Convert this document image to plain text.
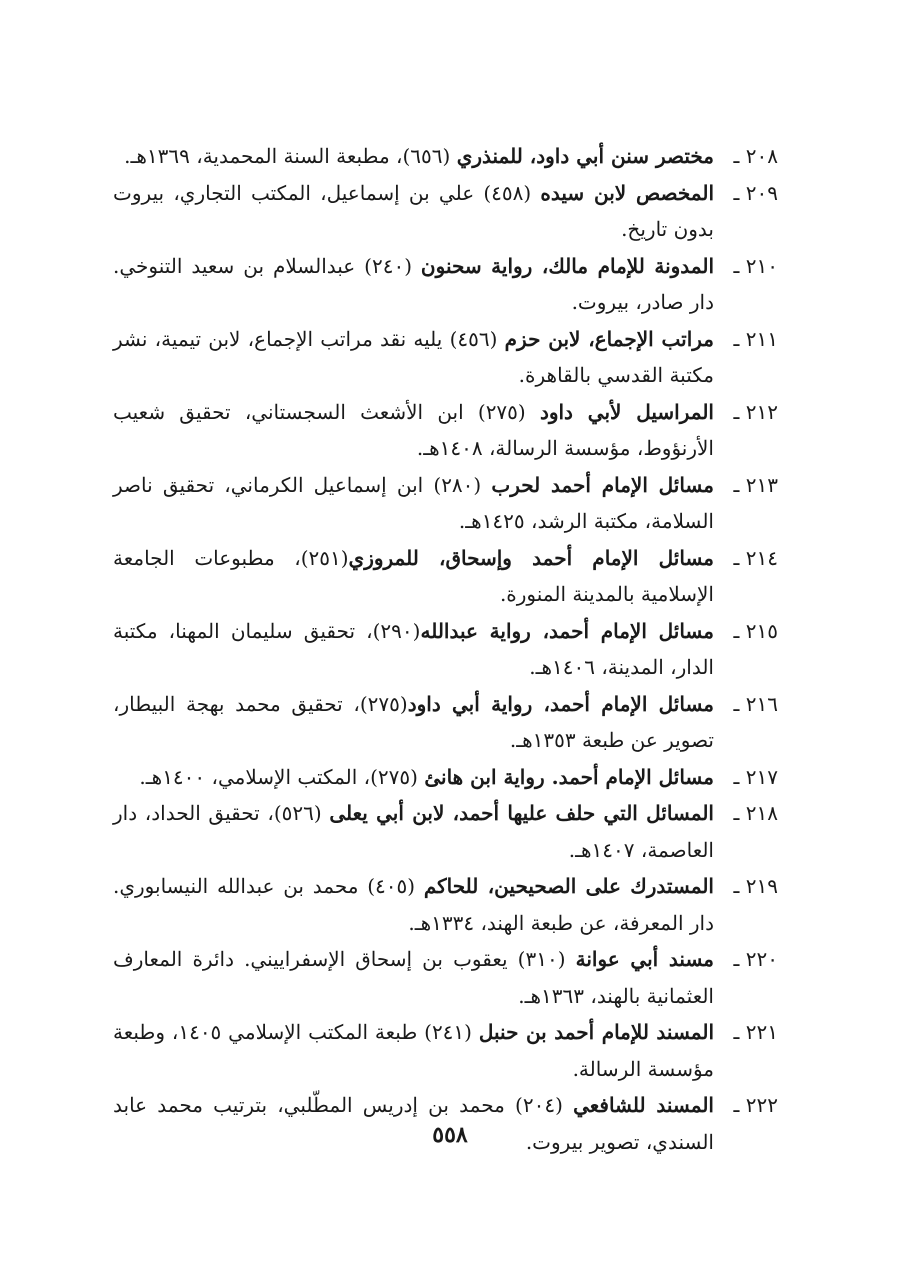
٢٠٨ ـ
مختصر سنن أبي داود، للمنذري (٦٥٦)، مطبعة السنة المحمدية، ١٣٦٩هـ.
٢٠٩ ـ
المخصص لابن سيده (٤٥٨) علي بن إسماعيل، المكتب التجاري، بيروت بدون تاريخ.
٢١٠ ـ
المدونة للإمام مالك، رواية سحنون (٢٤٠) عبدالسلام بن سعيد التنوخي. دار صادر، بيروت.
٢١١ ـ
مراتب الإجماع، لابن حزم (٤٥٦) يليه نقد مراتب الإجماع، لابن تيمية، نشر مكتبة القدسي بالقاهرة.
٢١٢ ـ
المراسيل لأبي داود (٢٧٥) ابن الأشعث السجستاني، تحقيق شعيب الأرنؤوط، مؤسسة الرسالة، ١٤٠٨هـ.
٢١٣ ـ
مسائل الإمام أحمد لحرب (٢٨٠) ابن إسماعيل الكرماني، تحقيق ناصر السلامة، مكتبة الرشد، ١٤٢٥هـ.
٢١٤ ـ
مسائل الإمام أحمد وإسحاق، للمروزي(٢٥١)، مطبوعات الجامعة الإسلامية بالمدينة المنورة.
٢١٥ ـ
مسائل الإمام أحمد، رواية عبدالله(٢٩٠)، تحقيق سليمان المهنا، مكتبة الدار، المدينة، ١٤٠٦هـ.
٢١٦ ـ
مسائل الإمام أحمد، رواية أبي داود(٢٧٥)، تحقيق محمد بهجة البيطار، تصوير عن طبعة ١٣٥٣هـ.
٢١٧ ـ
مسائل الإمام أحمد. رواية ابن هانئ (٢٧٥)، المكتب الإسلامي، ١٤٠٠هـ.
٢١٨ ـ
المسائل التي حلف عليها أحمد، لابن أبي يعلى (٥٢٦)، تحقيق الحداد، دار العاصمة، ١٤٠٧هـ.
٢١٩ ـ
المستدرك على الصحيحين، للحاكم (٤٠٥) محمد بن عبدالله النيسابوري. دار المعرفة، عن طبعة الهند، ١٣٣٤هـ.
٢٢٠ ـ
مسند أبي عوانة (٣١٠) يعقوب بن إسحاق الإسفراييني. دائرة المعارف العثمانية بالهند، ١٣٦٣هـ.
٢٢١ ـ
المسند للإمام أحمد بن حنبل (٢٤١) طبعة المكتب الإسلامي ١٤٠٥، وطبعة مؤسسة الرسالة.
٢٢٢ ـ
المسند للشافعي (٢٠٤) محمد بن إدريس المطّلبي، بترتيب محمد عابد السندي، تصوير بيروت.
٥٥٨
